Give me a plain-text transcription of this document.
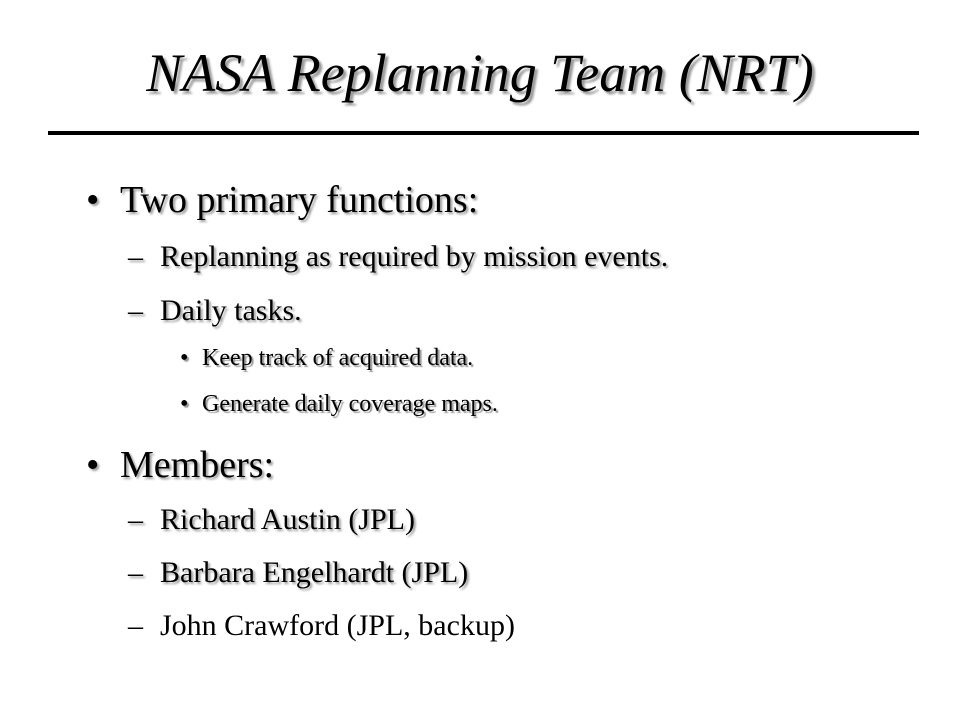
NASA Replanning Team (NRT)
• Two primary functions:
– Replanning as required by mission events.
– Daily tasks.
• Keep track of acquired data.
• Generate daily coverage maps.
• Members:
– Richard Austin (JPL)
– Barbara Engelhardt (JPL)
– John Crawford (JPL, backup)
